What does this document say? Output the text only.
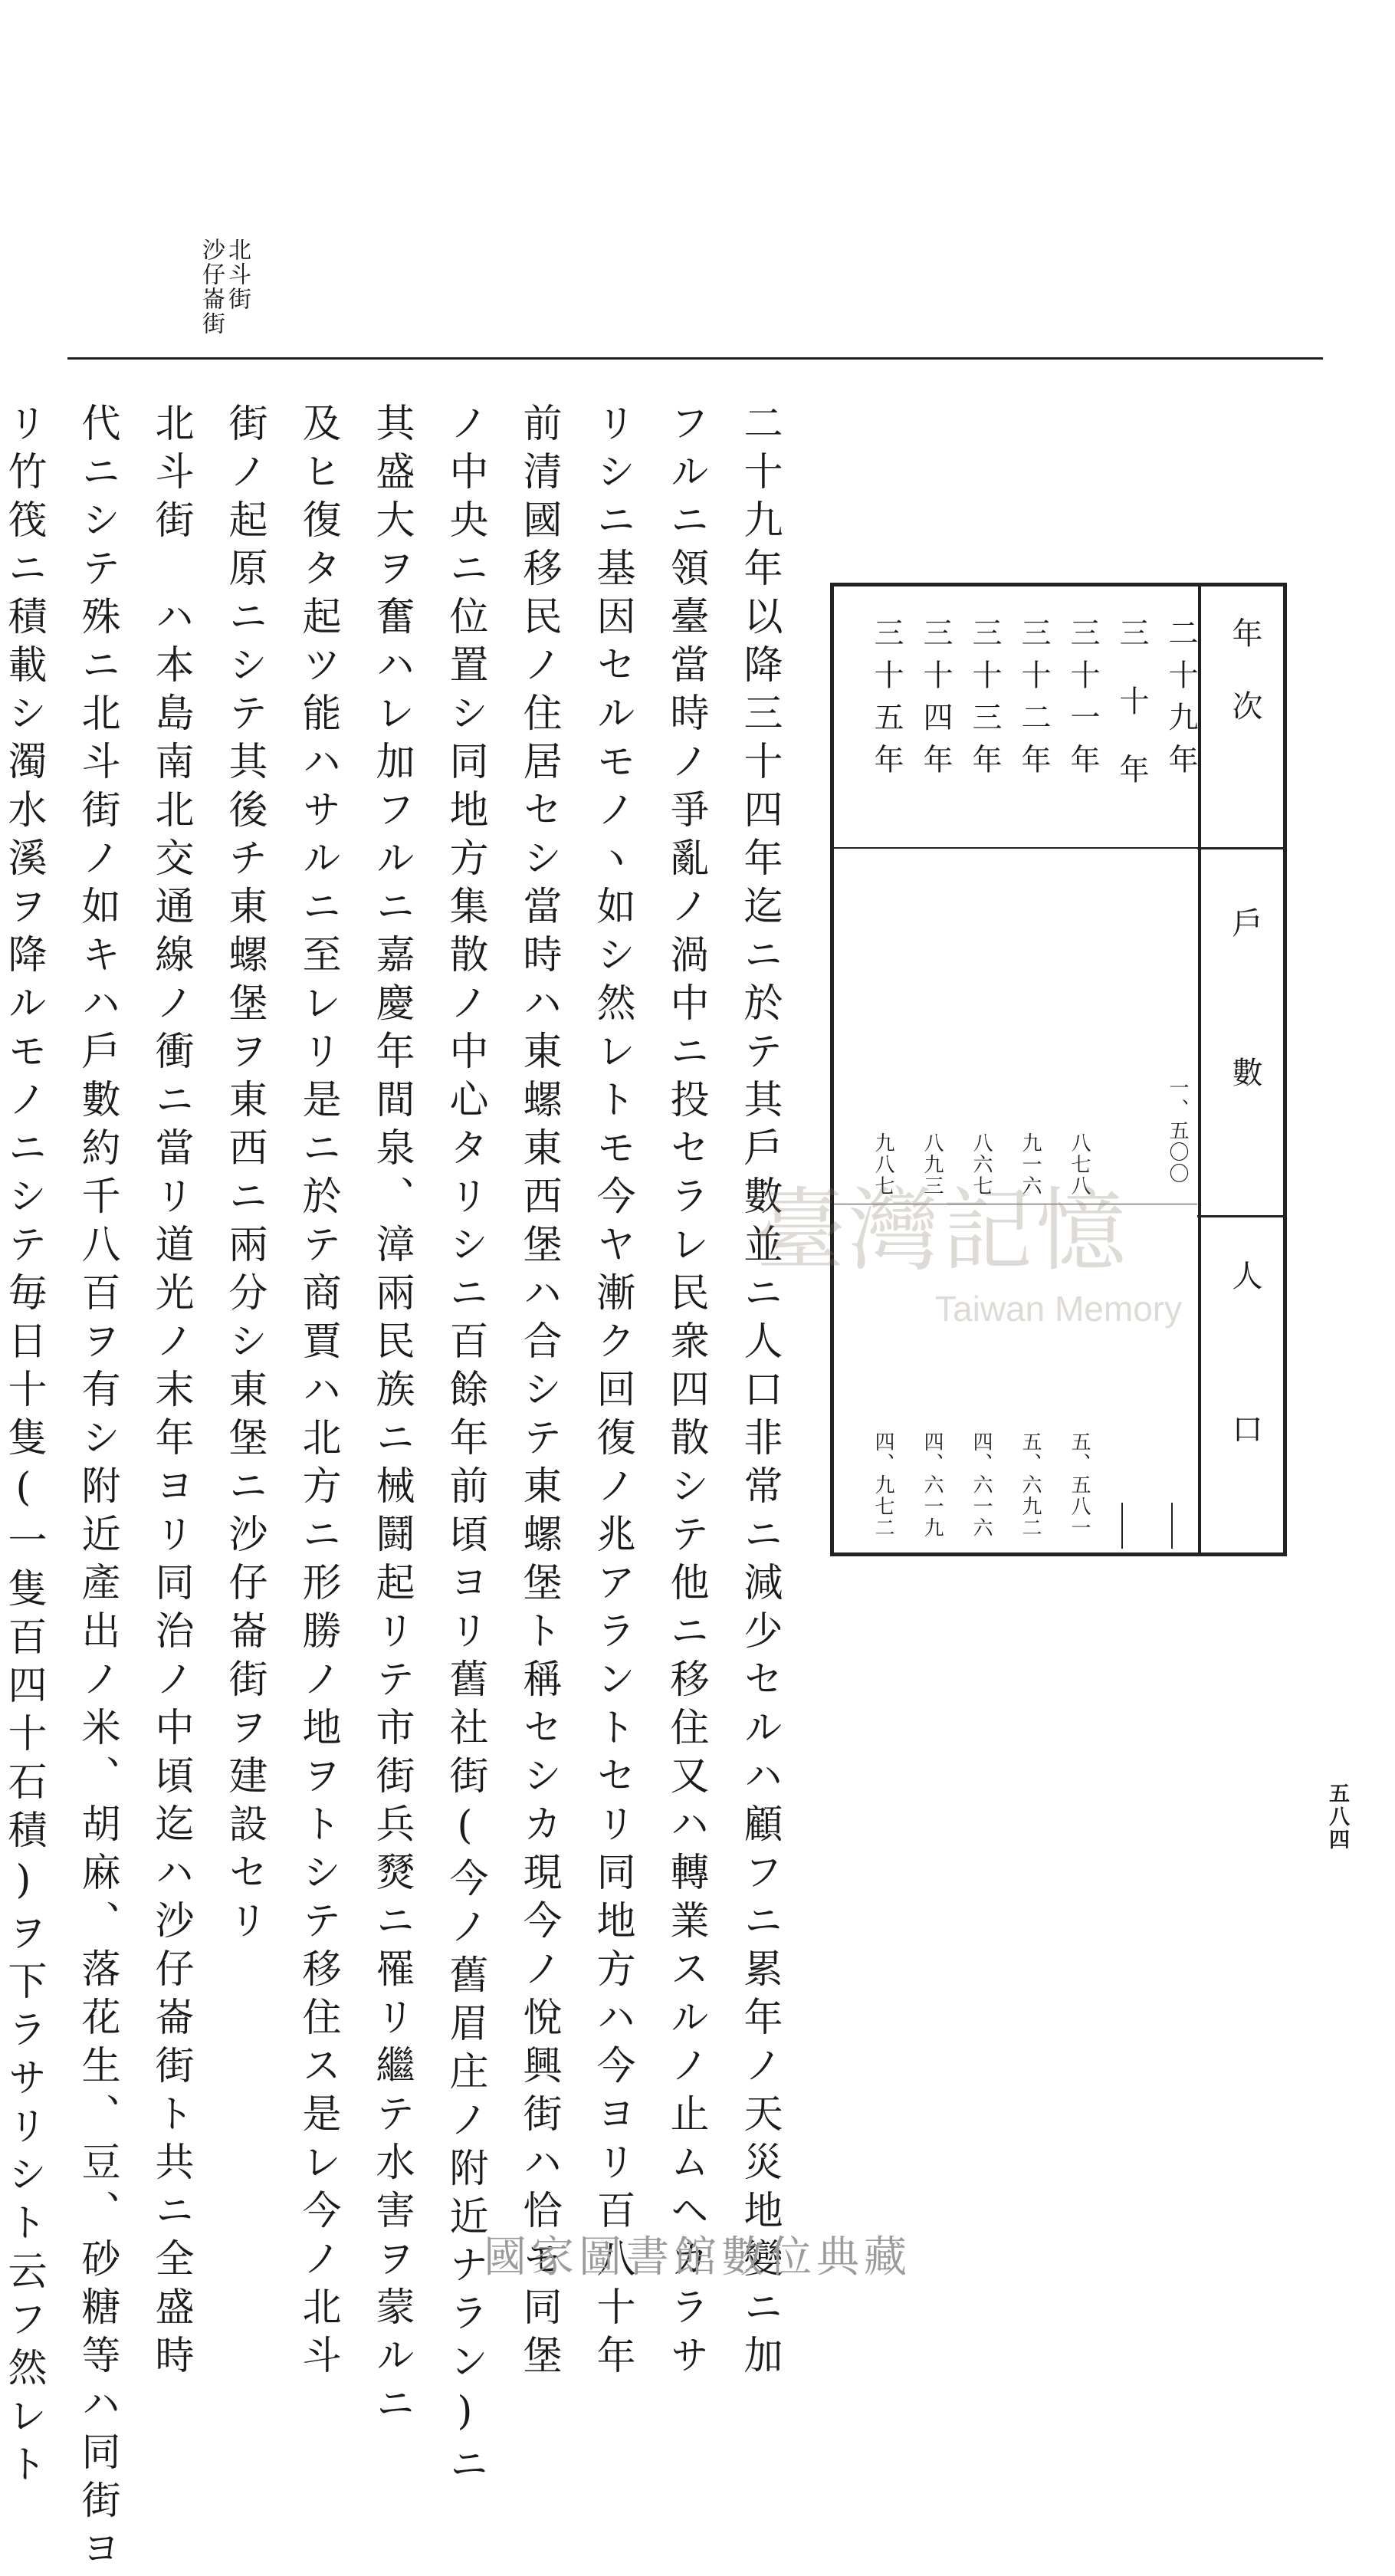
北斗街
沙仔崙街
二十九年以降三十四年迄ニ於テ其戶數並ニ人口非常ニ減少セルハ顧フニ累年ノ天災地變ニ加
フルニ領臺當時ノ爭亂ノ渦中ニ投セラレ民衆四散シテ他ニ移住又ハ轉業スルノ止ムヘカラサ
リシニ基因セルモノヽ如シ然レトモ今ヤ漸ク回復ノ兆アラントセリ同地方ハ今ヨリ百八十年
前清國移民ノ住居セシ當時ハ東螺東西堡ハ合シテ東螺堡ト稱セシカ現今ノ悅興街ハ恰モ同堡
ノ中央ニ位置シ同地方集散ノ中心タリシニ百餘年前頃ヨリ舊社街(今ノ舊眉庄ノ附近ナラン)ニ
其盛大ヲ奮ハレ加フルニ嘉慶年間泉、漳兩民族ニ械鬪起リテ市街兵燹ニ罹リ繼テ水害ヲ蒙ルニ
及ヒ復タ起ツ能ハサルニ至レリ是ニ於テ商賈ハ北方ニ形勝ノ地ヲトシテ移住ス是レ今ノ北斗
街ノ起原ニシテ其後チ東螺堡ヲ東西ニ兩分シ東堡ニ沙仔崙街ヲ建設セリ
北斗街　ハ本島南北交通線ノ衝ニ當リ道光ノ末年ヨリ同治ノ中頃迄ハ沙仔崙街ト共ニ全盛時
代ニシテ殊ニ北斗街ノ如キハ戶數約千八百ヲ有シ附近產出ノ米、胡麻、落花生、豆、砂糖等ハ同街ヨ
リ竹筏ニ積載シ濁水溪ヲ降ルモノニシテ毎日十隻(一隻百四十石積)ヲ下ラサリシト云フ然レト	年次
戶數
人口
二十九年
三十年
三十一年
三十二年
三十三年
三十四年
三十五年
一、五〇〇
八七八
九一六
八六七
八九三
九八七
五、五八一
五、六九二
四、六一六
四、六一九
四、九七二
五八四
臺灣記憶
Taiwan Memory
國家圖書館數位典藏
